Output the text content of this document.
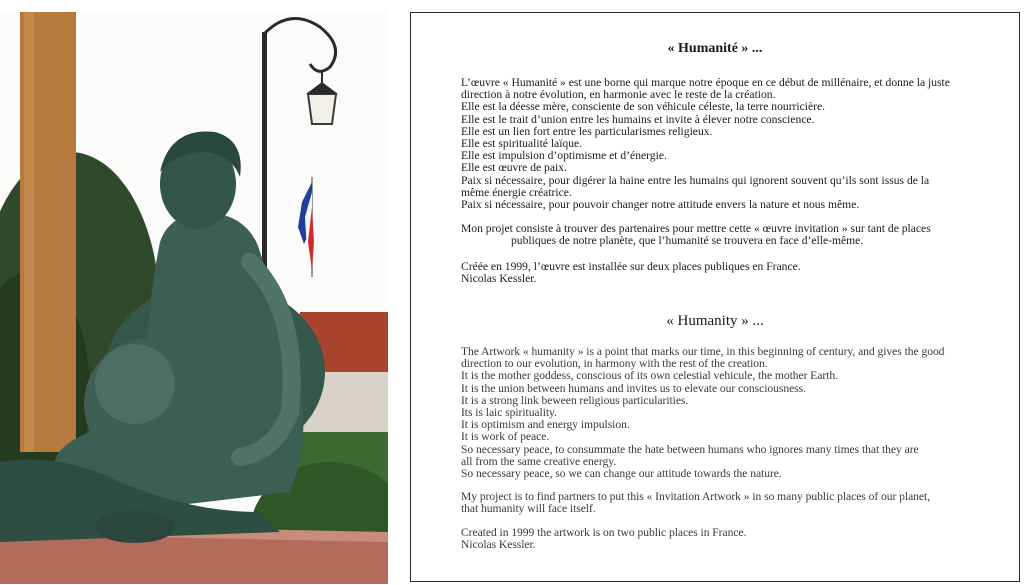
« Humanité » ...
L’œuvre « Humanité » est une borne qui marque notre époque en ce début de millénaire, et donne la juste
direction à notre évolution, en harmonie avec le reste de la création.
Elle est la déesse mère, consciente de son véhicule céleste, la terre nourricière.
Elle est le trait d’union entre les humains et invite à élever notre conscience.
Elle est un lien fort entre les particularismes religieux.
Elle est spiritualité laïque.
Elle est impulsion d’optimisme et d’énergie.
Elle est œuvre de paix.
Paix si nécessaire, pour digérer la haine entre les humains qui ignorent souvent qu’ils sont issus de la
même énergie créatrice.
Paix si nécessaire, pour pouvoir changer notre attitude envers la nature et nous même.
Mon projet consiste à trouver des partenaires pour mettre cette « œuvre invitation » sur tant de places
publiques de notre planète, que l’humanité se trouvera en face d’elle-même.
Créée en 1999, l’œuvre est installée sur deux places publiques en France.
Nicolas Kessler.
« Humanity » ...
The Artwork « humanity » is a point that marks our time, in this beginning of century, and gives the good
direction to our evolution, in harmony with the rest of the creation.
It is the mother goddess, conscious of its own celestial vehicule, the mother Earth.
It is the union between humans and invites us to elevate our consciousness.
It is a strong link beween religious particularities.
Its is laic spirituality.
It is optimism and energy impulsion.
It is work of peace.
So necessary peace, to consummate the hate between humans who ignores many times that they are
all from the same creative energy.
So necessary peace, so we can change our attitude towards the nature.
My project is to find partners to put this « Invitation Artwork » in so many public places of our planet,
that humanity will face itself.
Created in 1999 the artwork is on two public places in France.
Nicolas Kessler.
